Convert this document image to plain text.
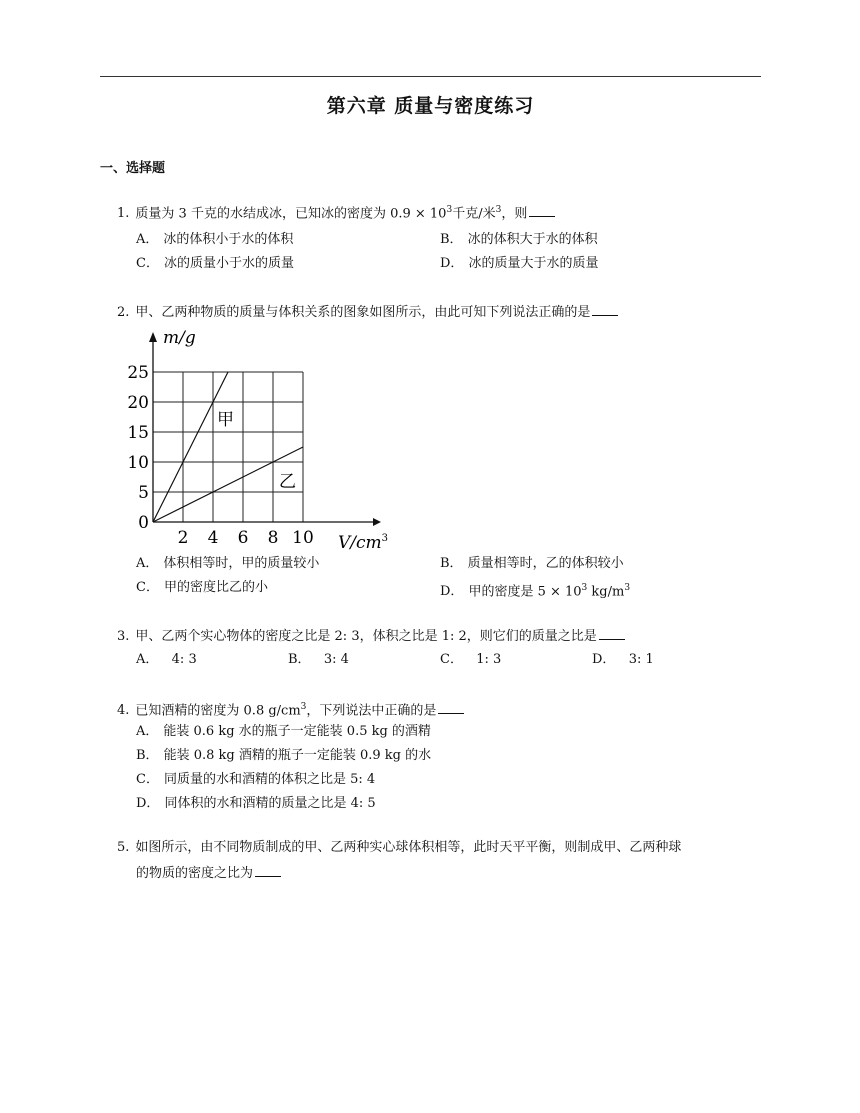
第六章 质量与密度练习
一、选择题
1. 质量为 3 千克的水结成冰，已知冰的密度为 $0.9 \times 10^3$千克/米$^3$，则
A． 冰的体积小于水的体积	B． 冰的体积大于水的体积
C． 冰的质量小于水的质量	D． 冰的质量大于水的质量
2. 甲、乙两种物质的质量与体积关系的图象如图所示，由此可知下列说法正确的是
0
5
10
15
20
25
2 4 6 8 10
m/g
$V/cm^3$
甲
乙
A． 体积相等时，甲的质量较小	B． 质量相等时，乙的体积较小
C． 甲的密度比乙的小	D． 甲的密度是 $5 \times 10^3$ $kg/m^3$
3. 甲、乙两个实心物体的密度之比是 2: 3，体积之比是 1: 2，则它们的质量之比是
A．  4: 3	B．  3: 4	C．  1: 3	D．  3: 1
4. 已知酒精的密度为 0.8 $g/cm^3$，下列说法中正确的是
A． 能装 0.6 kg 水的瓶子一定能装 0.5 kg 的酒精
B． 能装 0.8 kg 酒精的瓶子一定能装 0.9 kg 的水
C． 同质量的水和酒精的体积之比是 5: 4
D． 同体积的水和酒精的质量之比是 4: 5
5. 如图所示，由不同物质制成的甲、乙两种实心球体积相等，此时天平平衡，则制成甲、乙两种球
的物质的密度之比为
